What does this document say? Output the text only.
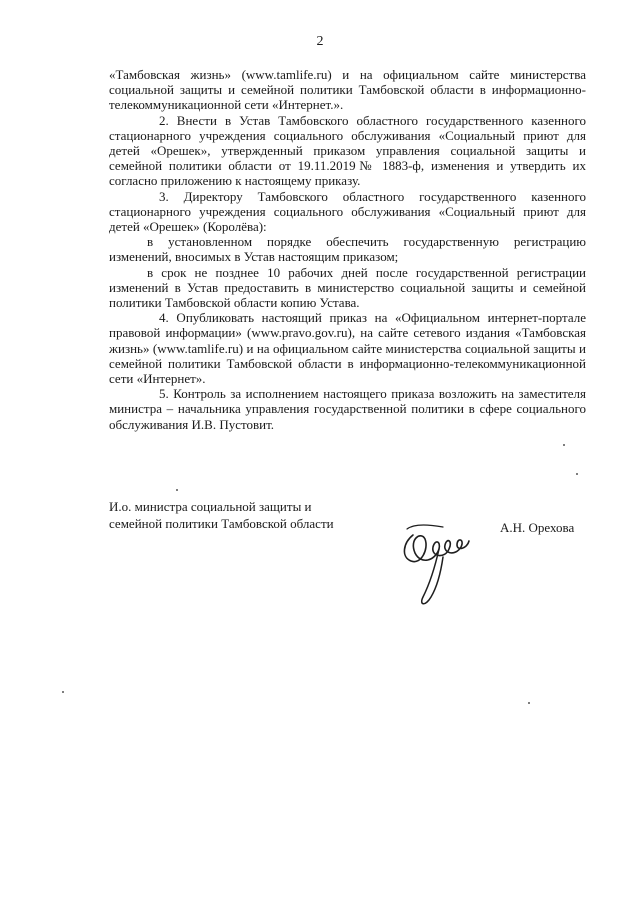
2

«Тамбовская жизнь» (www.tamlife.ru) и на официальном сайте министерства социальной защиты и семейной политики Тамбовской области в информационно-телекоммуникационной сети «Интернет.».

2. Внести в Устав Тамбовского областного государственного казенного стационарного учреждения социального обслуживания «Социальный приют для детей «Орешек», утвержденный приказом управления социальной защиты и семейной политики области от 19.11.2019№ 1883-ф, изменения и утвердить их согласно приложению к настоящему приказу.

3. Директору Тамбовского областного государственного казенного стационарного учреждения социального обслуживания «Социальный приют для детей «Орешек» (Королёва):

в установленном порядке обеспечить государственную регистрацию изменений, вносимых в Устав настоящим приказом;

в срок не позднее 10 рабочих дней после государственной регистрации изменений в Устав предоставить в министерство социальной защиты и семейной политики Тамбовской области копию Устава.

4. Опубликовать настоящий приказ на «Официальном интернет-портале правовой информации» (www.pravo.gov.ru), на сайте сетевого издания «Тамбовская жизнь» (www.tamlife.ru) и на официальном сайте министерства социальной защиты и семейной политики Тамбовской области в информационно-телекоммуникационной сети «Интернет».

5. Контроль за исполнением настоящего приказа возложить на заместителя министра – начальника управления государственной политики в сфере социального обслуживания И.В. Пустовит.

И.о. министра социальной защиты и

семейной политики Тамбовской области	А.Н. Орехова
